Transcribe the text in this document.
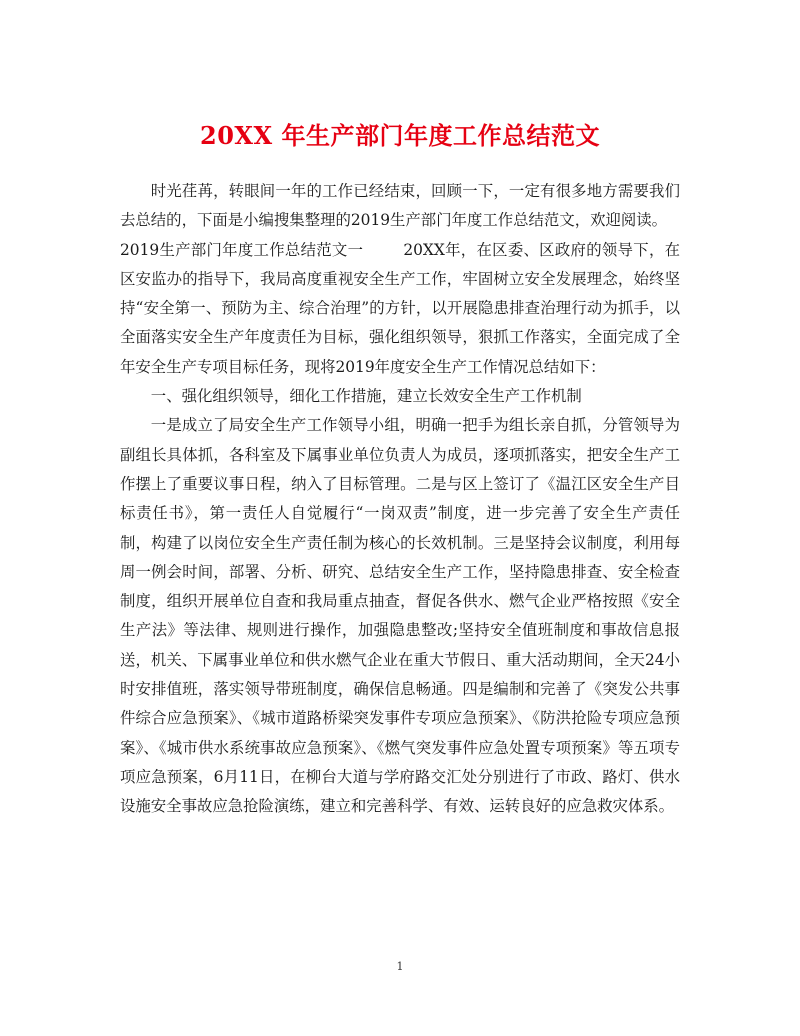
20XX 年生产部门年度工作总结范文

时光荏苒，转眼间一年的工作已经结束，回顾一下，一定有很多地方需要我们去总结的，下面是小编搜集整理的2019生产部门年度工作总结范文，欢迎阅读。

2019生产部门年度工作总结范文一	20XX年，在区委、区政府的领导下，在区安监办的指导下，我局高度重视安全生产工作，牢固树立安全发展理念，始终坚持“安全第一、预防为主、综合治理”的方针，以开展隐患排查治理行动为抓手，以全面落实安全生产年度责任为目标，强化组织领导，狠抓工作落实，全面完成了全年安全生产专项目标任务，现将2019年度安全生产工作情况总结如下：

一、强化组织领导，细化工作措施，建立长效安全生产工作机制

一是成立了局安全生产工作领导小组，明确一把手为组长亲自抓，分管领导为副组长具体抓，各科室及下属事业单位负责人为成员，逐项抓落实，把安全生产工作摆上了重要议事日程，纳入了目标管理。二是与区上签订了《温江区安全生产目标责任书》，第一责任人自觉履行“一岗双责”制度，进一步完善了安全生产责任制，构建了以岗位安全生产责任制为核心的长效机制。三是坚持会议制度，利用每周一例会时间，部署、分析、研究、总结安全生产工作，坚持隐患排查、安全检查制度，组织开展单位自查和我局重点抽查，督促各供水、燃气企业严格按照《安全生产法》等法律、规则进行操作，加强隐患整改;坚持安全值班制度和事故信息报送，机关、下属事业单位和供水燃气企业在重大节假日、重大活动期间，全天24小时安排值班，落实领导带班制度，确保信息畅通。四是编制和完善了《突发公共事件综合应急预案》、《城市道路桥梁突发事件专项应急预案》、《防洪抢险专项应急预案》、《城市供水系统事故应急预案》、《燃气突发事件应急处置专项预案》等五项专项应急预案，6月11日，在柳台大道与学府路交汇处分别进行了市政、路灯、供水设施安全事故应急抢险演练，建立和完善科学、有效、运转良好的应急救灾体系。

1
